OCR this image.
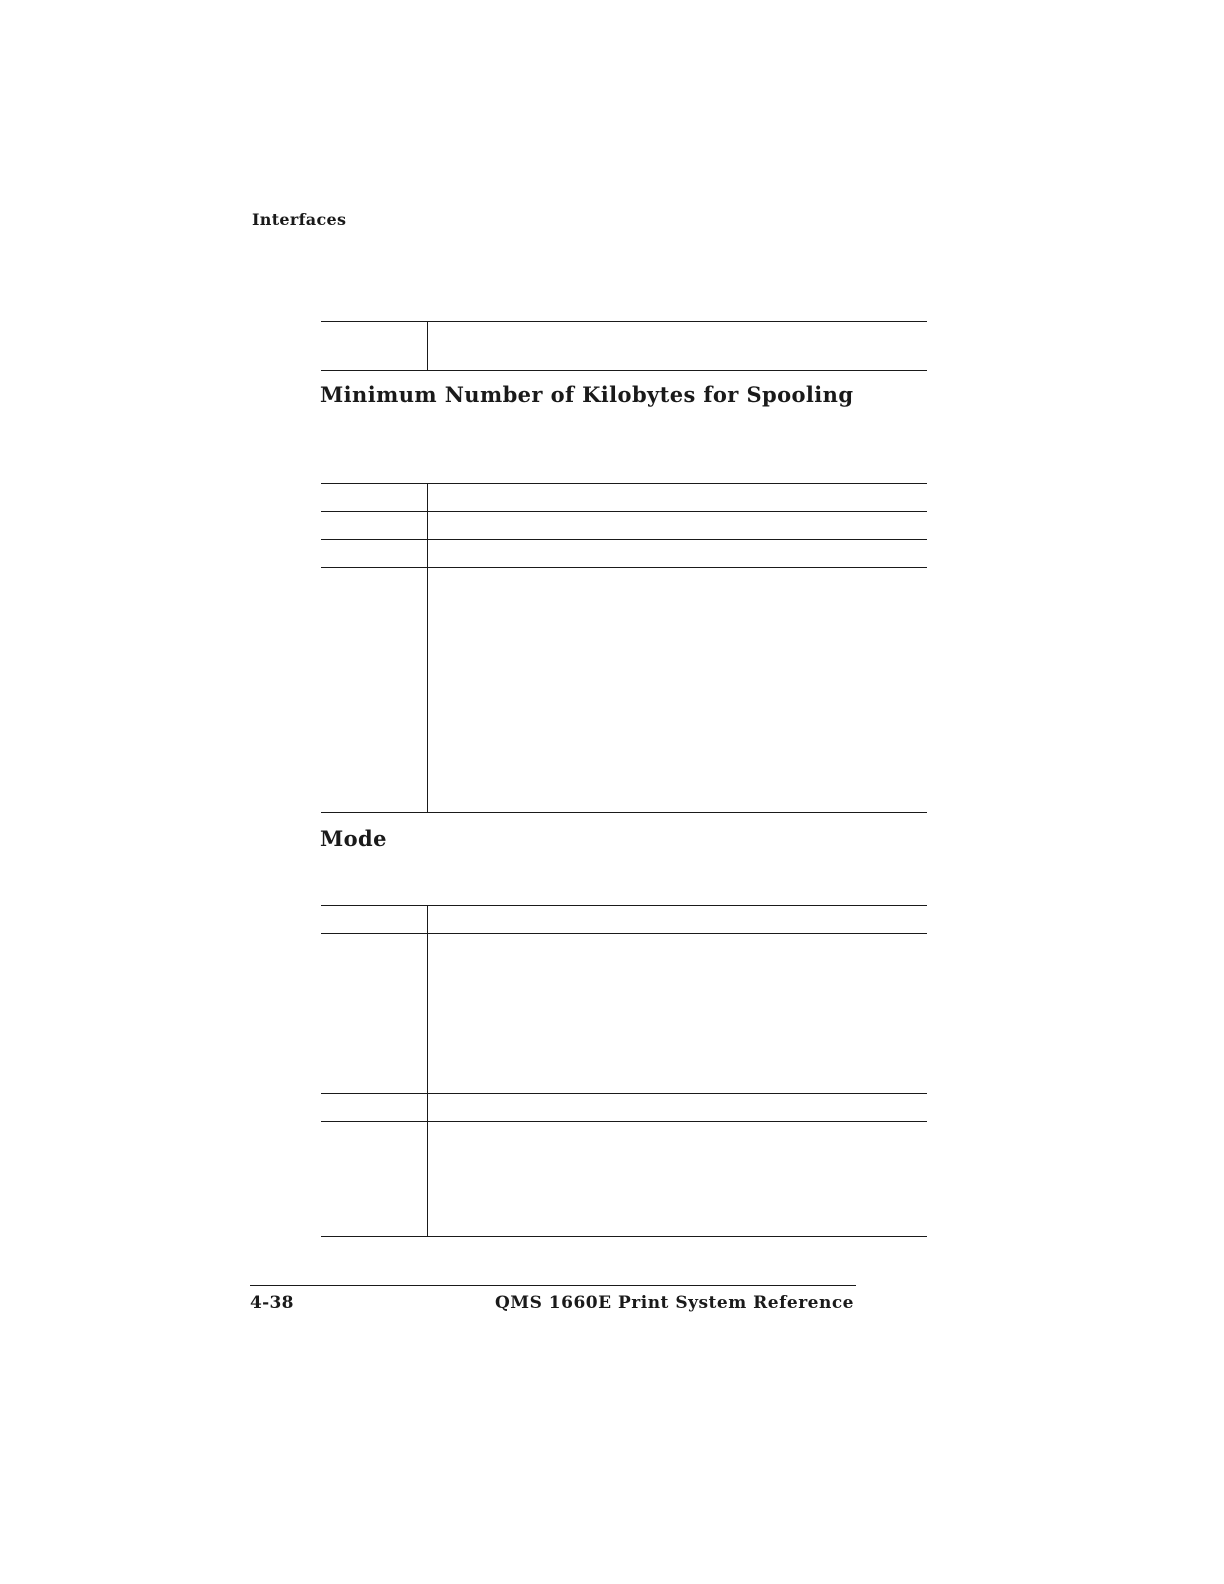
Interfaces
Minimum Number of Kilobytes for Spooling
Mode
4-38	QMS 1660E Print System Reference
